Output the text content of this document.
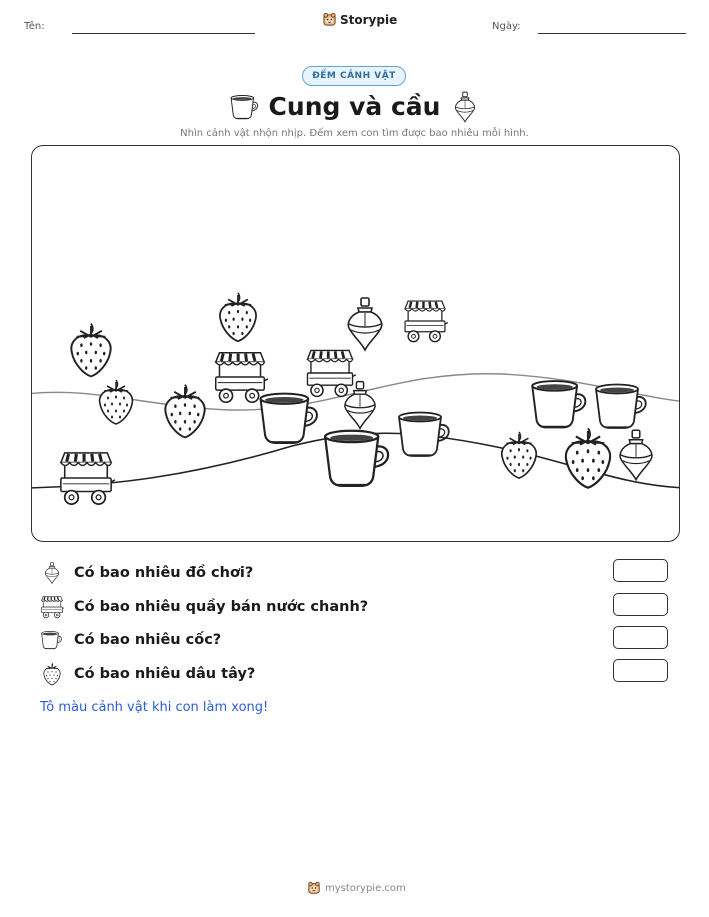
Tên:	Storypie	Ngày:
ĐẾM CẢNH VẬT
Cung và cầu
Nhìn cảnh vật nhộn nhịp. Đếm xem con tìm được bao nhiêu mỗi hình.
Có bao nhiêu đồ chơi?
Có bao nhiêu quầy bán nước chanh?
Có bao nhiêu cốc?
Có bao nhiêu dâu tây?
Tô màu cảnh vật khi con làm xong!
mystorypie.com
